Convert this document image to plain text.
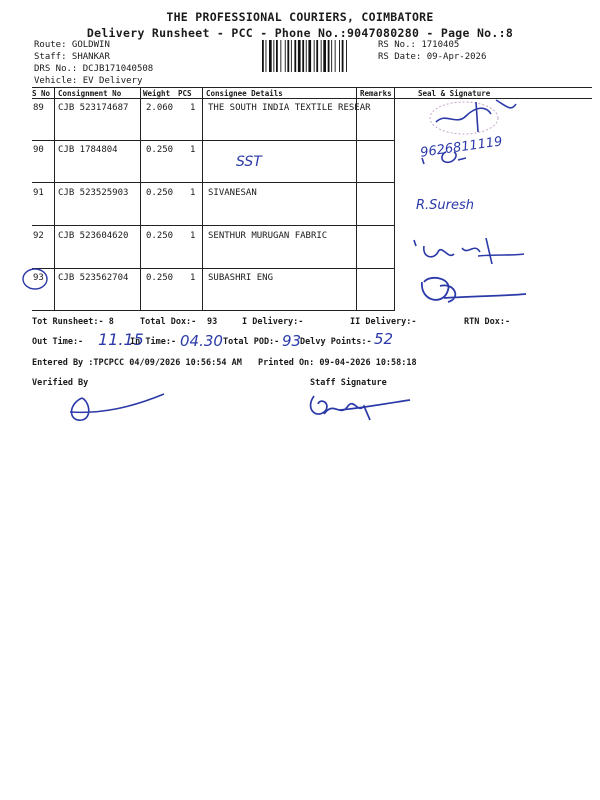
THE PROFESSIONAL COURIERS, COIMBATORE
Delivery Runsheet - PCC - Phone No.:9047080280 - Page No.:8
Route: GOLDWIN
Staff: SHANKAR
DRS No.: DCJB171040508
Vehicle: EV Delivery
RS No.: 1710405
RS Date: 09-Apr-2026
S No Consignment No	Weight PCS Consignee Details	Remarks	Seal & Signature
89 CJB 523174687 2.060 1 THE SOUTH INDIA TEXTILE RESEAR
90 CJB 1784804	0.250 1
91 CJB 523525903 0.250 1 SIVANESAN
92 CJB 523604620 0.250 1 SENTHUR MURUGAN FABRIC
93 CJB 523562704 0.250 1 SUBASHRI ENG
SST
9626811119
R.Suresh
Tot Runsheet:- 8	Total Dox:- 93	I Delivery:-	II Delivery:-	RTN Dox:-
Out Time:- 11.15
In Time:- 04.30 Total POD:- 93
Delvy Points:- 52
Entered By :TPCPCC 04/09/2026 10:56:54 AM Printed On: 09-04-2026 10:58:18
Verified By	Staff Signature
